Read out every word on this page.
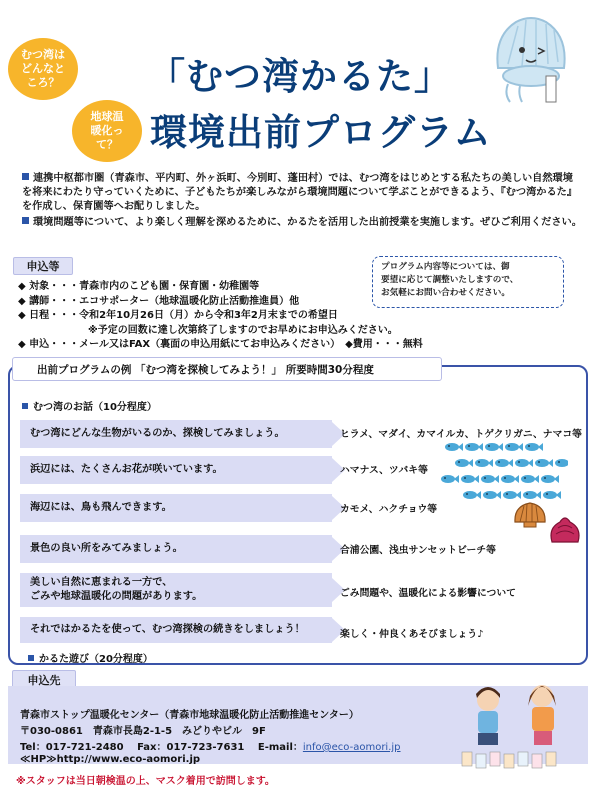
むつ湾は
どんなと
ころ？
地球温
暖化っ
て？
「むつ湾かるた」
環境出前プログラム
連携中枢都市圏（青森市、平内町、外ヶ浜町、今別町、蓬田村）では、むつ湾をはじめとする私たちの美しい自然環境を将来にわたり守っていくために、子どもたちが楽しみながら環境問題について学ぶことができるよう、『むつ湾かるた』を作成し、保育園等へお配りしました。
環境問題等について、より楽しく理解を深めるために、かるたを活用した出前授業を実施します。ぜひご利用ください。
申込等	プログラム内容等については、御
要望に応じて調整いたしますので、
お気軽にお問い合わせください。
◆ 対象・・・青森市内のこども園・保育園・幼稚園等
◆ 講師・・・エコサポーター（地球温暖化防止活動推進員）他
◆ 日程・・・令和2年10月26日（月）から令和3年2月末までの希望日
※予定の回数に達し次第終了しますのでお早めにお申込みください。
◆ 申込・・・メール又はFAX（裏面の申込用紙にてお申込みください）　◆費用・・・無料
出前プログラムの例 「むつ湾を探検してみよう！」 所要時間30分程度
むつ湾のお話（10分程度）
むつ湾にどんな生物がいるのか、探検してみましょう。
浜辺には、たくさんお花が咲いています。
海辺には、鳥も飛んできます。
景色の良い所をみてみましょう。
美しい自然に恵まれる一方で、
ごみや地球温暖化の問題があります。
それではかるたを使って、むつ湾探検の続きをしましょう！
ヒラメ、マダイ、カマイルカ、トゲクリガニ、ナマコ等
ハマナス、ツバキ等
カモメ、ハクチョウ等
合浦公園、浅虫サンセットビーチ等
ごみ問題や、温暖化による影響について
楽しく・仲良くあそびましょう♪
かるた遊び（20分程度）
申込先
青森市ストップ温暖化センター（青森市地球温暖化防止活動推進センター）
〒030-0861　青森市長島2-1-5　みどりやビル　9F
Tel：017-721-2480　 Fax：017-723-7631　 E-mail：info@eco-aomori.jp
≪HP≫http://www.eco-aomori.jp
※スタッフは当日朝検温の上、マスク着用で訪問します。
